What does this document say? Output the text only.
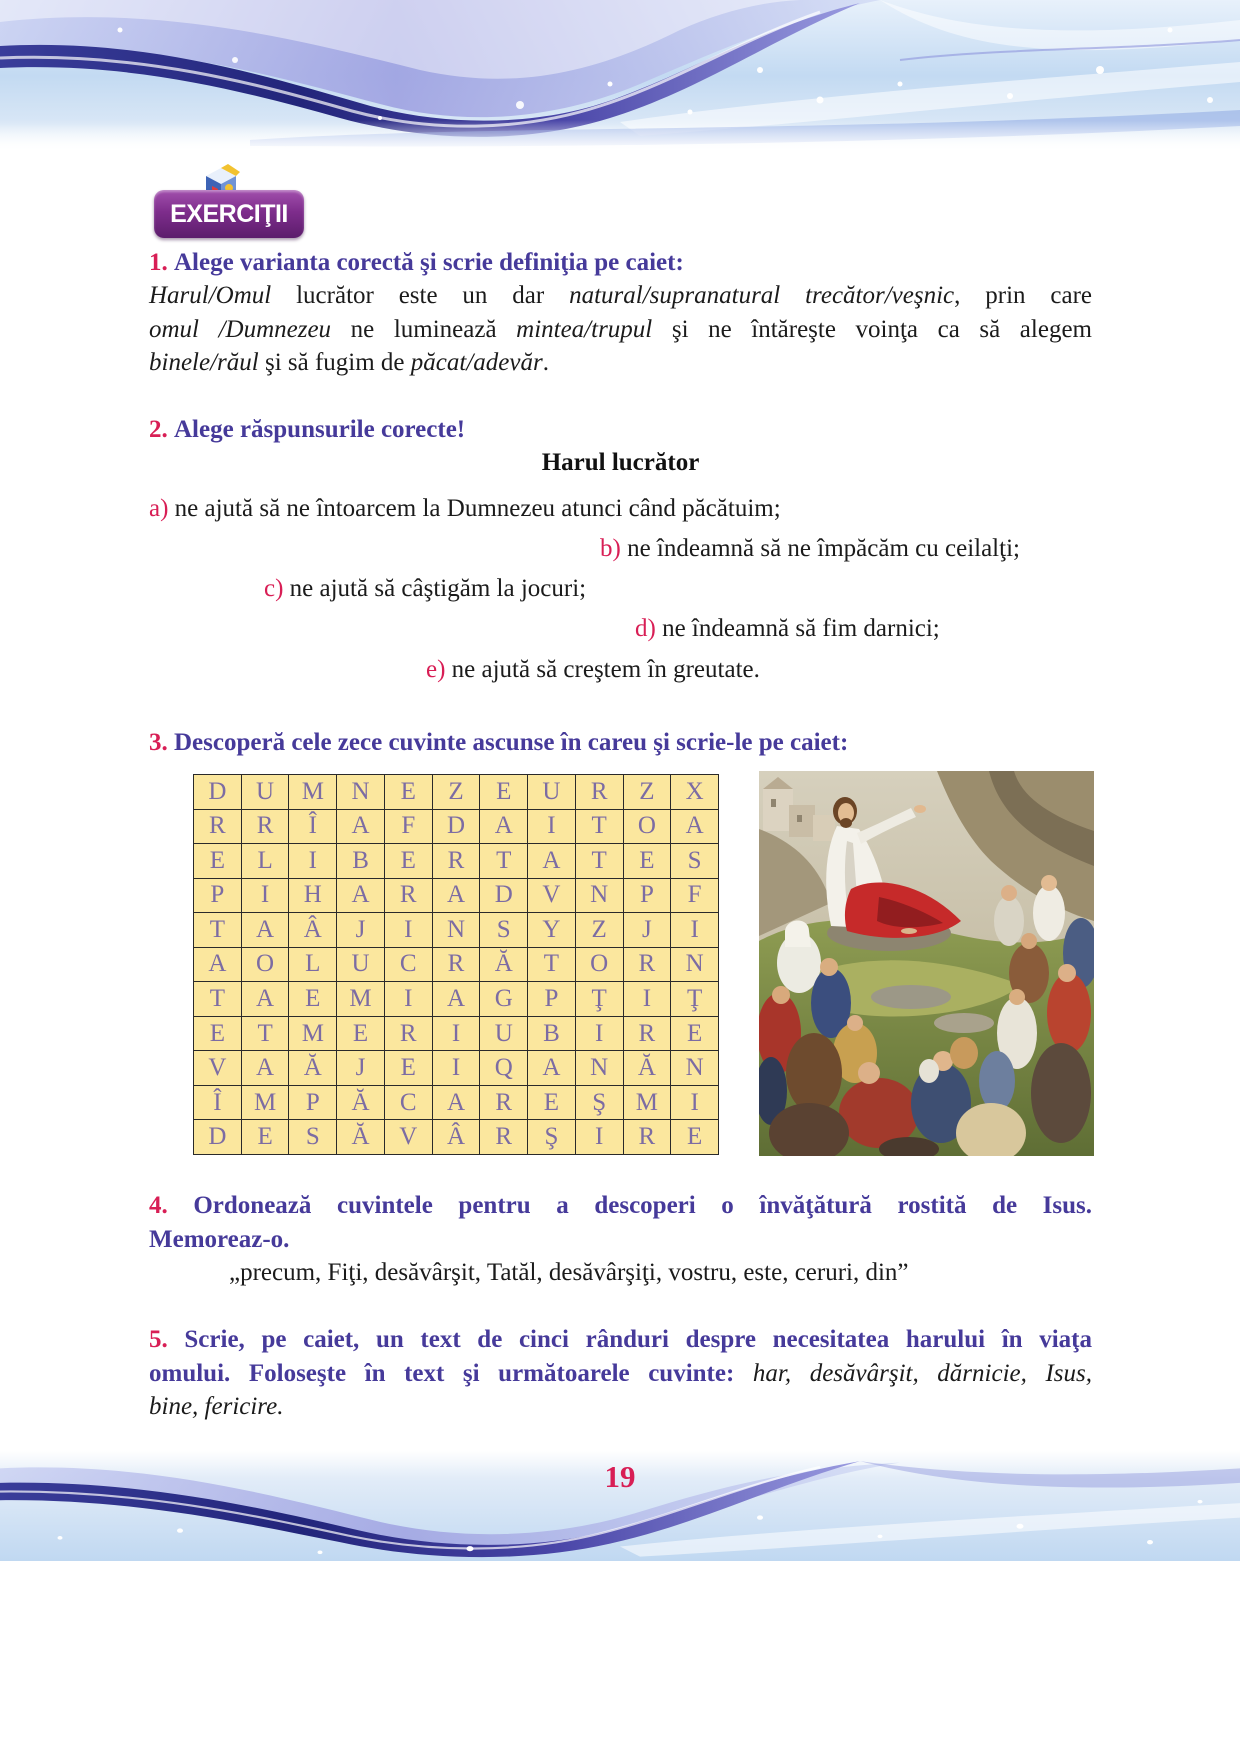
EXERCIŢII
1. Alege varianta corectă şi scrie definiţia pe caiet:
Harul/Omul lucrător este un dar natural/supranatural trecător/veşnic, prin care
omul /Dumnezeu ne luminează mintea/trupul şi ne întăreşte voinţa ca să alegem
binele/răul şi să fugim de păcat/adevăr.
2. Alege răspunsurile corecte!
Harul lucrător
a) ne ajută să ne întoarcem la Dumnezeu atunci când păcătuim;
b) ne îndeamnă să ne împăcăm cu ceilalţi;
c) ne ajută să câştigăm la jocuri;
d) ne îndeamnă să fim darnici;
e) ne ajută să creştem în greutate.
3. Descoperă cele zece cuvinte ascunse în careu şi scrie-le pe caiet:
D	U	M	N	E	Z	E	U	R	Z	X
R	R	Î	A	F	D	A	I	T	O	A
E	L	I	B	E	R	T	A	T	E	S
P	I	H	A	R	A	D	V	N	P	F
T	A	Â	J	I	N	S	Y	Z	J	I
A	O	L	U	C	R	Ă	T	O	R	N
T	A	E	M	I	A	G	P	Ţ	I	Ţ
E	T	M	E	R	I	U	B	I	R	E
V	A	Ă	J	E	I	Q	A	N	Ă	N
Î	M	P	Ă	C	A	R	E	Ş	M	I
D	E	S	Ă	V	Â	R	Ş	I	R	E
4. Ordonează cuvintele pentru a descoperi o învăţătură rostită de Isus.
Memoreaz-o.
„precum, Fiţi, desăvârşit, Tatăl, desăvârşiţi, vostru, este, ceruri, din”
5. Scrie, pe caiet, un text de cinci rânduri despre necesitatea harului în viaţa
omului. Foloseşte în text şi următoarele cuvinte: har, desăvârşit, dărnicie, Isus,
bine, fericire.
19
